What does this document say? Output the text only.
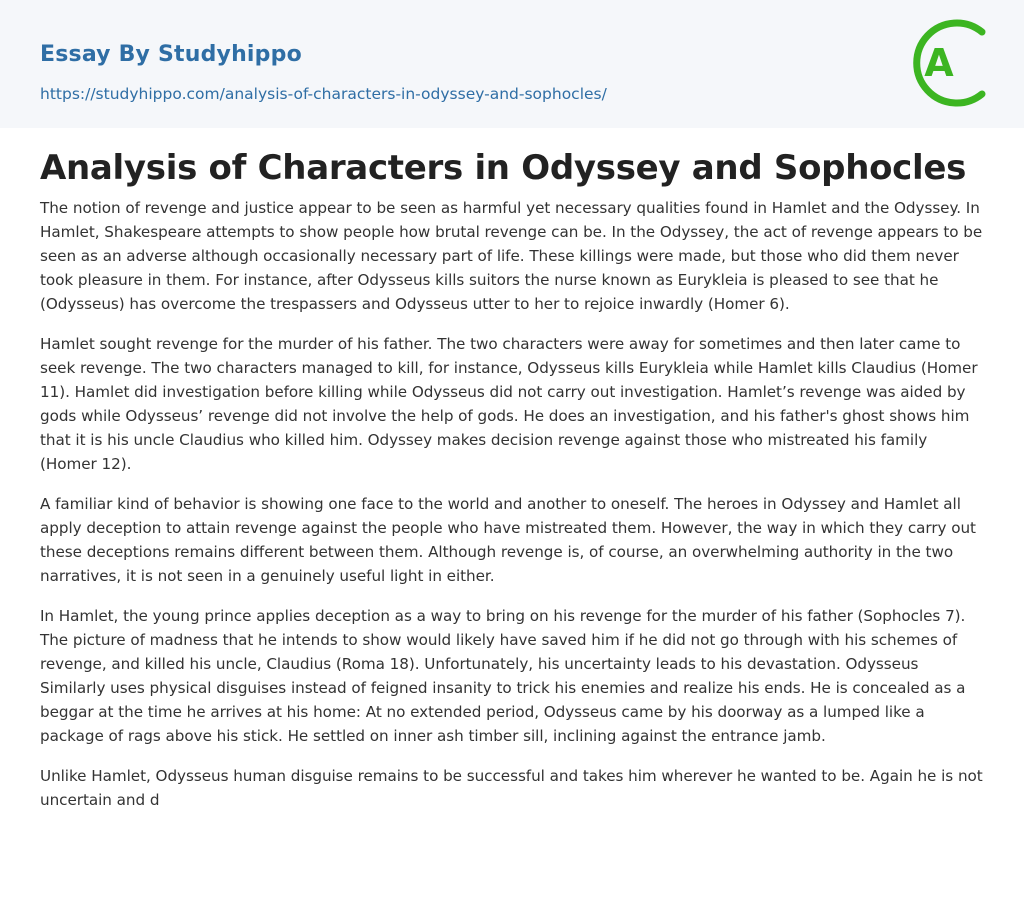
Essay By Studyhippo
https://studyhippo.com/analysis-of-characters-in-odyssey-and-sophocles/
A
Analysis of Characters in Odyssey and Sophocles

The notion of revenge and justice appear to be seen as harmful yet necessary qualities found in Hamlet and the Odyssey. In Hamlet, Shakespeare attempts to show people how brutal revenge can be. In the Odyssey, the act of revenge appears to be seen as an adverse although occasionally necessary part of life. These killings were made, but those who did them never took pleasure in them. For instance, after Odysseus kills suitors the nurse known as Eurykleia is pleased to see that he (Odysseus) has overcome the trespassers and Odysseus utter to her to rejoice inwardly (Homer 6).

Hamlet sought revenge for the murder of his father. The two characters were away for sometimes and then later came to seek revenge. The two characters managed to kill, for instance, Odysseus kills Eurykleia while Hamlet kills Claudius (Homer 11). Hamlet did investigation before killing while Odysseus did not carry out investigation. Hamlet’s revenge was aided by gods while Odysseus’ revenge did not involve the help of gods. He does an investigation, and his father's ghost shows him that it is his uncle Claudius who killed him. Odyssey makes decision revenge against those who mistreated his family (Homer 12).

A familiar kind of behavior is showing one face to the world and another to oneself. The heroes in Odyssey and Hamlet all apply deception to attain revenge against the people who have mistreated them. However, the way in which they carry out these deceptions remains different between them. Although revenge is, of course, an overwhelming authority in the two narratives, it is not seen in a genuinely useful light in either.

In Hamlet, the young prince applies deception as a way to bring on his revenge for the murder of his father (Sophocles 7). The picture of madness that he intends to show would likely have saved him if he did not go through with his schemes of revenge, and killed his uncle, Claudius (Roma 18). Unfortunately, his uncertainty leads to his devastation. Odysseus Similarly uses physical disguises instead of feigned insanity to trick his enemies and realize his ends. He is concealed as a beggar at the time he arrives at his home: At no extended period, Odysseus came by his doorway as a lumped like a package of rags above his stick. He settled on inner ash timber sill, inclining against the entrance jamb.

Unlike Hamlet, Odysseus human disguise remains to be successful and takes him wherever he wanted to be. Again he is not uncertain and d
